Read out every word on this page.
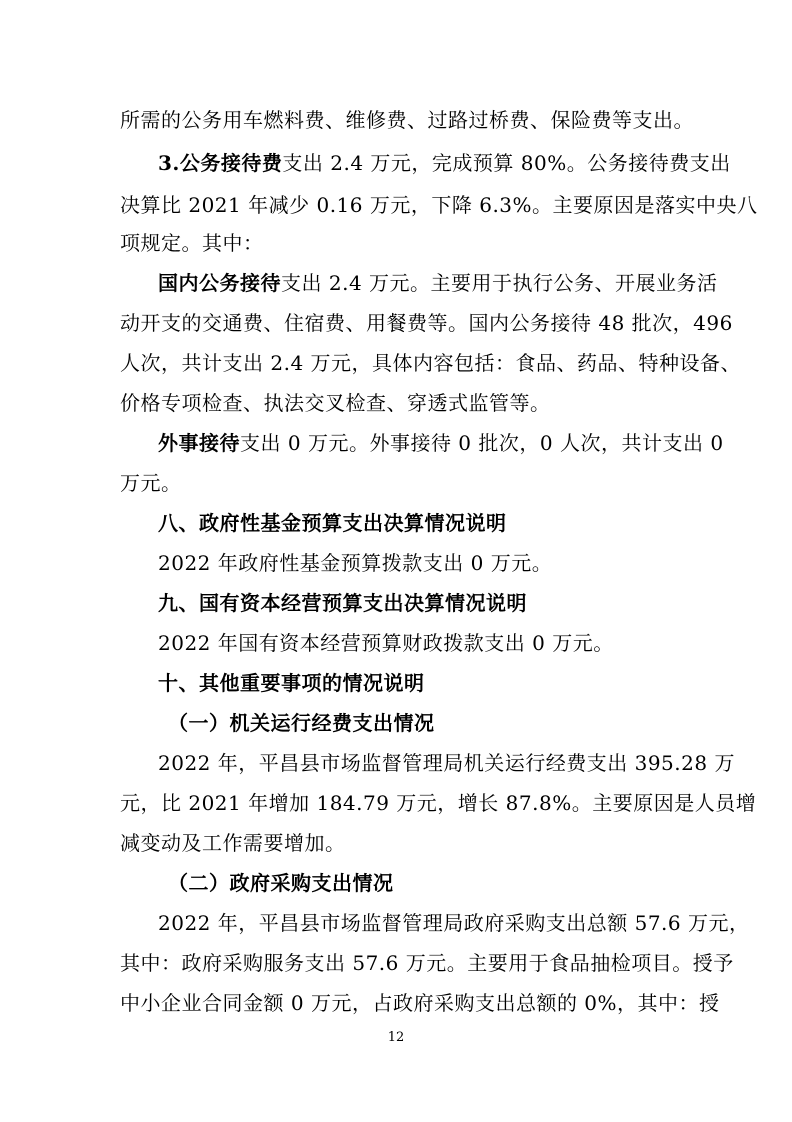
所需的公务用车燃料费、维修费、过路过桥费、保险费等支出。
3.公务接待费支出 2.4 万元，完成预算 80%。公务接待费支出
决算比 2021 年减少 0.16 万元，下降 6.3%。主要原因是落实中央八
项规定。其中：
国内公务接待支出 2.4 万元。主要用于执行公务、开展业务活
动开支的交通费、住宿费、用餐费等。国内公务接待 48 批次，496
人次，共计支出 2.4 万元，具体内容包括：食品、药品、特种设备、
价格专项检查、执法交叉检查、穿透式监管等。
外事接待支出 0 万元。外事接待 0 批次，0 人次，共计支出 0
万元。
八、政府性基金预算支出决算情况说明
2022 年政府性基金预算拨款支出 0 万元。
九、国有资本经营预算支出决算情况说明
2022 年国有资本经营预算财政拨款支出 0 万元。
十、其他重要事项的情况说明
（一）机关运行经费支出情况
2022 年，平昌县市场监督管理局机关运行经费支出 395.28 万
元，比 2021 年增加 184.79 万元，增长 87.8%。主要原因是人员增
减变动及工作需要增加。
（二）政府采购支出情况
2022 年，平昌县市场监督管理局政府采购支出总额 57.6 万元，
其中：政府采购服务支出 57.6 万元。主要用于食品抽检项目。授予
中小企业合同金额 0 万元，占政府采购支出总额的 0%，其中：授
12
